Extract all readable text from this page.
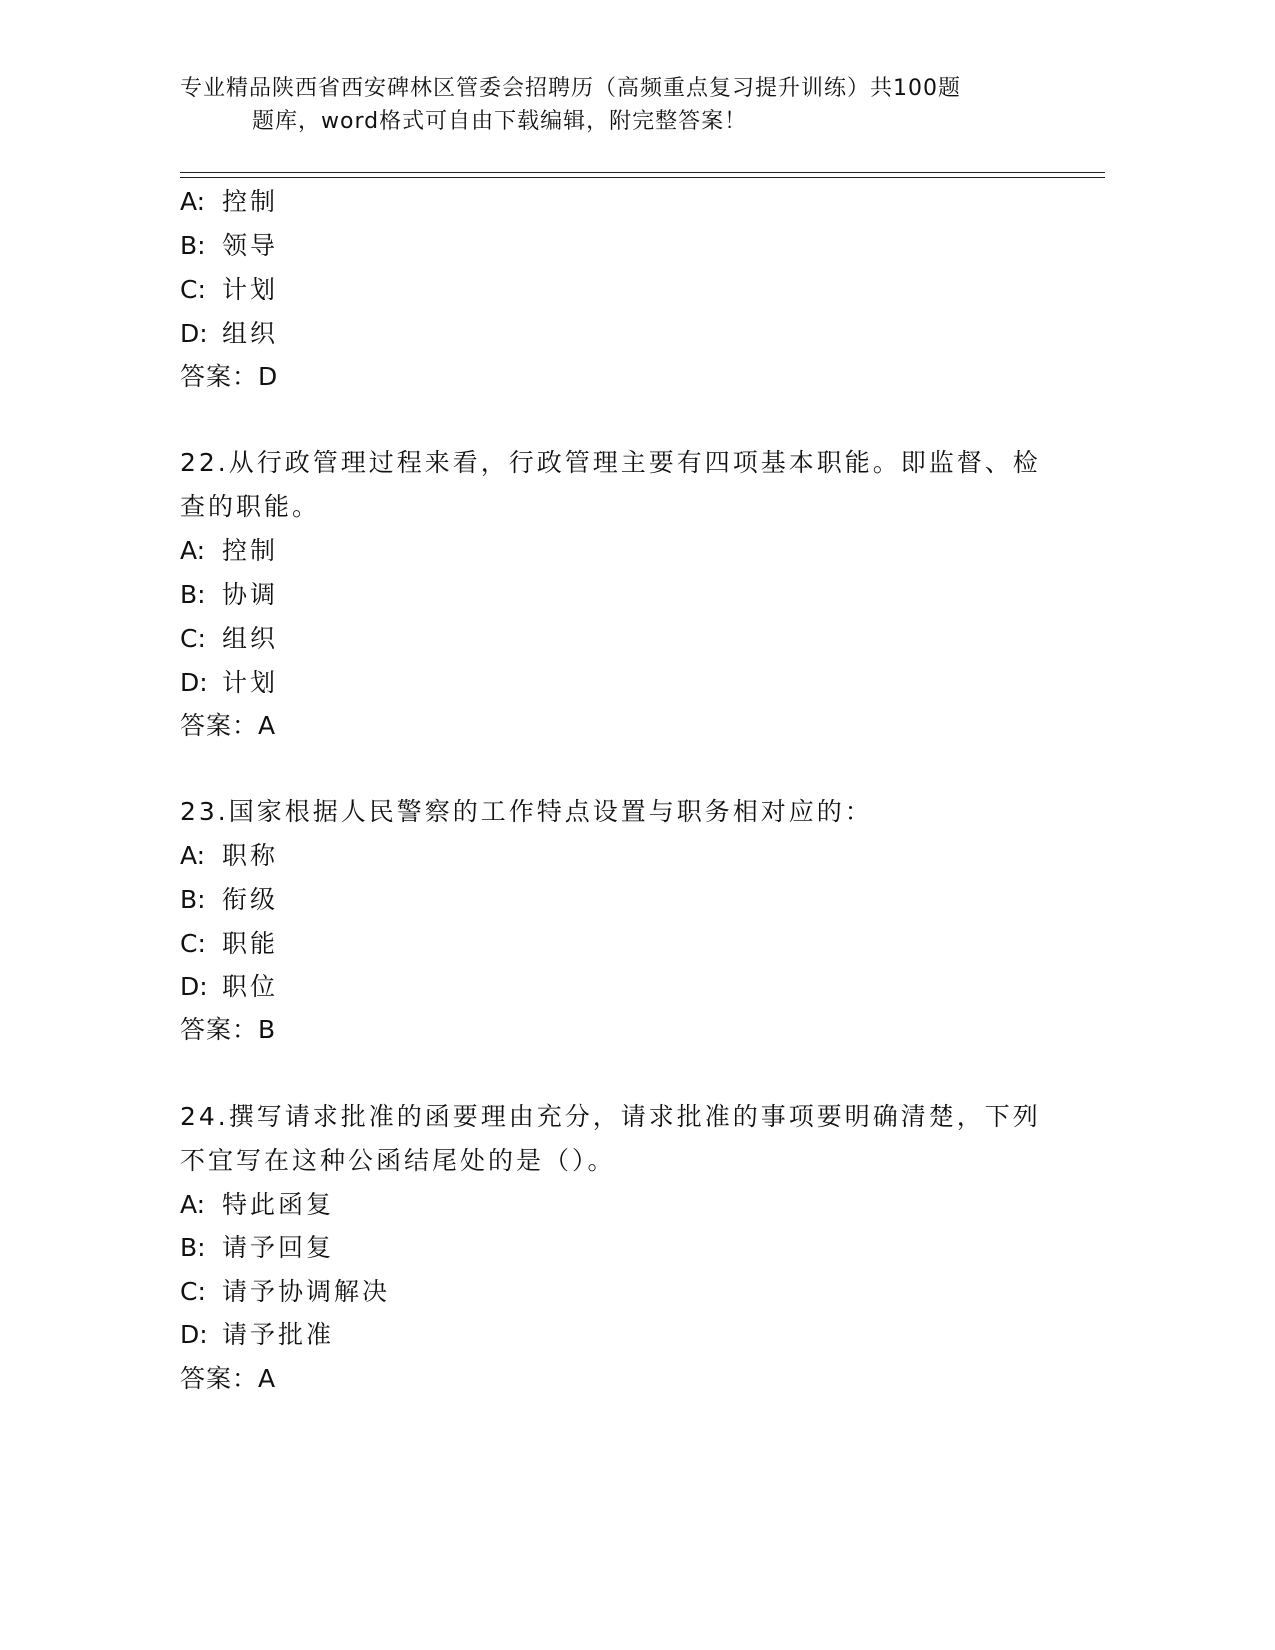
专业精品陕西省西安碑林区管委会招聘历（高频重点复习提升训练）共100题
题库，word格式可自由下载编辑，附完整答案！
A: 控制
B: 领导
C: 计划
D: 组织
答案：D
22.从行政管理过程来看，行政管理主要有四项基本职能。即监督、检
查的职能。
A: 控制
B: 协调
C: 组织
D: 计划
答案：A
23.国家根据人民警察的工作特点设置与职务相对应的：
A: 职称
B: 衔级
C: 职能
D: 职位
答案：B
24.撰写请求批准的函要理由充分，请求批准的事项要明确清楚，下列
不宜写在这种公函结尾处的是（）。
A: 特此函复
B: 请予回复
C: 请予协调解决
D: 请予批准
答案：A
